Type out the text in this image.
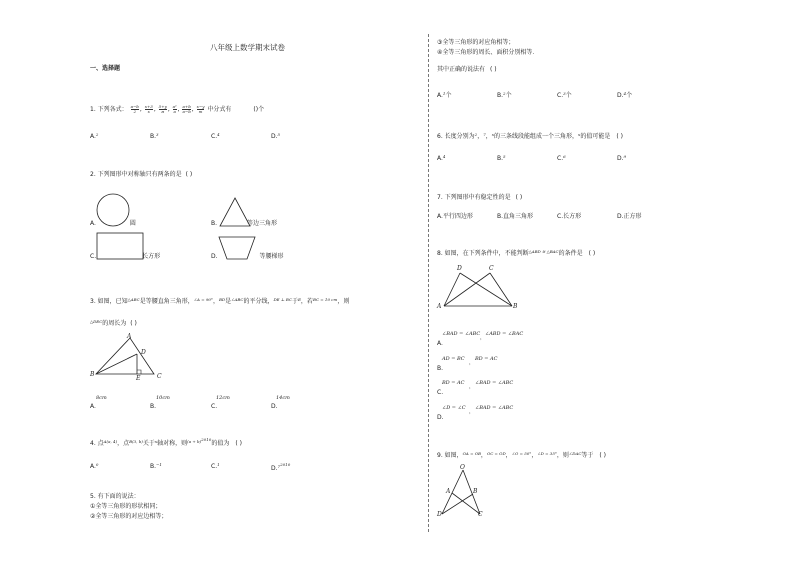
八年级上数学期末试卷
一、选择题
1. 下列各式： $\frac{a-b}{2}$ , $\frac{x+3}{x}$ , $\frac{5+y}{\pi}$ , $\frac{\text{a²}}{a}$ , $\frac{a+b}{a-b}$ , $\frac{x-y}{m}$ 中分式有	()个
A.$^2$	B.$^3$	C.$^4$	D.$^5$
2. 下列图形中对称轴只有两条的是 ( )
A.	圆	B.	等边三角形
C.	长方形	D.	等腰梯形
3. 如图，已知$^{\triangle ABC}$是等腰直角三角形，$^{\angle A = 90^\circ}$，$^{BD}$是$^{\angle ABC}$的平分线，$^{DE \perp BC}$于$^E$，若$^{BC = 10 cm}$，则
$^{\triangle DEC}$的周长为 ( )
A
D
B
E	C
8cm	10cm	12cm	14cm
A.	B.	C.	D.
4. 点$^{A(a, 4)}$，点$^{B(3, b)}$关于$^x$轴对称，则$^{(a + b)^{2010}}$的值为 ( )
A.$^0$	B.$^{-1}$	C.$^1$
D.$^{7^{2010}}$
5. 有下面的说法：
①全等三角形的形状相同；
②全等三角形的对应边相等；
③全等三角形的对应角相等；
④全等三角形的周长、面积分别相等．
其中正确的说法有 ( )
A.$^1$个	B.$^2$个	C.$^3$个	D.$^4$个
6. 长度分别为$^2$，$^7$，$^x$的三条线段能组成一个三角形，$^x$的值可能是 ( )
A.$^4$	B.$^5$	C.$^6$	D.$^9$
7. 下列图形中有稳定性的是 ( )
A.平行四边形	B.直角三角形	C.长方形	D.正方形
8. 如图，在下列条件中，不能判断$^{\triangle ABD ≅ \triangle BAC}$的条件是 ( )
D	C
A	B
∠BAD = ∠ABC
，
∠ABD = ∠BAC
A.
AD = BC
，
BD = AC
B.
BD = AC
，
∠BAD = ∠ABC
C.
∠D = ∠C
，
∠BAD = ∠ABC
D.
9. 如图，$^{OA = OB}$，$^{OC = OD}$，$^{\angle O = 50^\circ}$，$^{\angle D = 35^\circ}$，则$^{\angle DAC}$等于 ( )
O
A	B
D	C
